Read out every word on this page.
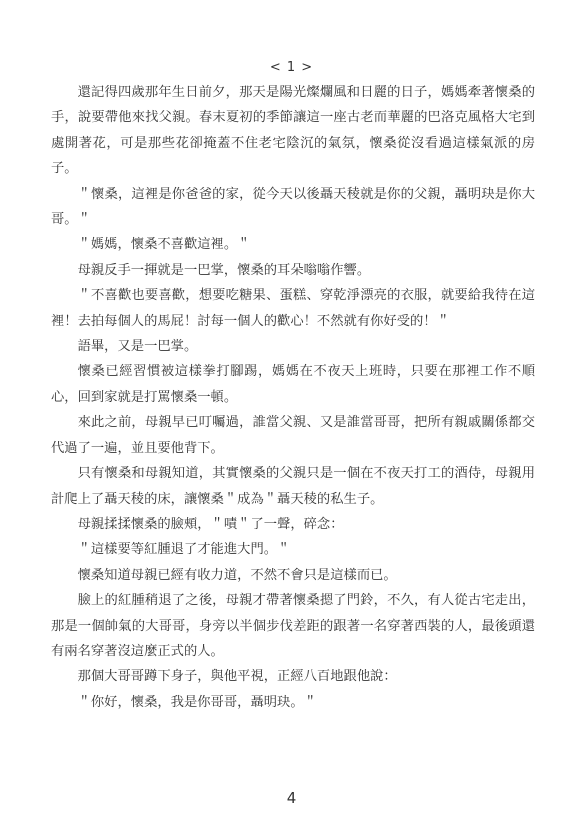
< 1 >

還記得四歲那年生日前夕，那天是陽光燦爛風和日麗的日子，媽媽牽著懷桑的手，說要帶他來找父親。春末夏初的季節讓這一座古老而華麗的巴洛克風格大宅到處開著花，可是那些花卻掩蓋不住老宅陰沉的氣氛，懷桑從沒看過這樣氣派的房子。

＂懷桑，這裡是你爸爸的家，從今天以後聶天稜就是你的父親，聶明玦是你大哥。＂

＂媽媽，懷桑不喜歡這裡。＂

母親反手一揮就是一巴掌，懷桑的耳朵嗡嗡作響。

＂不喜歡也要喜歡，想要吃糖果、蛋糕、穿乾淨漂亮的衣服，就要給我待在這裡！去拍每個人的馬屁！討每一個人的歡心！不然就有你好受的！＂

語畢，又是一巴掌。

懷桑已經習慣被這樣拳打腳踢，媽媽在不夜天上班時，只要在那裡工作不順心，回到家就是打罵懷桑一頓。

來此之前，母親早已叮囑過，誰當父親、又是誰當哥哥，把所有親戚關係都交代過了一遍，並且要他背下。

只有懷桑和母親知道，其實懷桑的父親只是一個在不夜天打工的酒侍，母親用計爬上了聶天稜的床，讓懷桑＂成為＂聶天稜的私生子。

母親揉揉懷桑的臉頰，＂嘖＂了一聲，碎念：

＂這樣要等紅腫退了才能進大門。＂

懷桑知道母親已經有收力道，不然不會只是這樣而已。

臉上的紅腫稍退了之後，母親才帶著懷桑摁了門鈴，不久，有人從古宅走出，那是一個帥氣的大哥哥，身旁以半個步伐差距的跟著一名穿著西裝的人，最後頭還有兩名穿著沒這麼正式的人。

那個大哥哥蹲下身子，與他平視，正經八百地跟他說：

＂你好，懷桑，我是你哥哥，聶明玦。＂

4
